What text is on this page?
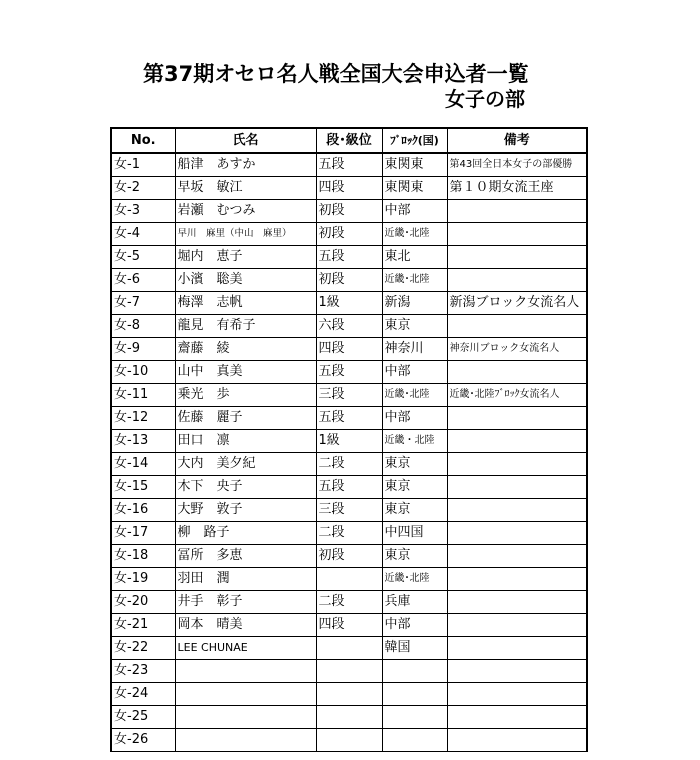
第37期オセロ名人戦全国大会申込者一覧
女子の部
No.	氏名	段･級位	ﾌﾞﾛｯｸ(国)	備考
女-1	船津　あすか	五段	東関東	第43回全日本女子の部優勝
女-2	早坂　敏江	四段	東関東	第１０期女流王座
女-3	岩瀬　むつみ	初段	中部	
女-4	早川　麻里（中山　麻里）	初段	近畿･北陸	
女-5	堀内　恵子	五段	東北	
女-6	小濱　聡美	初段	近畿･北陸	
女-7	梅澤　志帆	1級	新潟	新潟ブロック女流名人
女-8	龍見　有希子	六段	東京	
女-9	齋藤　綾	四段	神奈川	神奈川ブロック女流名人
女-10	山中　真美	五段	中部	
女-11	乗光　歩	三段	近畿･北陸	近畿･北陸ﾌﾞﾛｯｸ女流名人
女-12	佐藤　麗子	五段	中部	
女-13	田口　凛	1級	近畿・北陸	
女-14	大内　美夕紀	二段	東京	
女-15	木下　央子	五段	東京	
女-16	大野　敦子	三段	東京	
女-17	柳　路子	二段	中四国	
女-18	冨所　多恵	初段	東京	
女-19	羽田　潤		近畿･北陸	
女-20	井手　彰子	二段	兵庫	
女-21	岡本　晴美	四段	中部	
女-22	LEE CHUNAE		韓国	
女-23				
女-24				
女-25				
女-26				
